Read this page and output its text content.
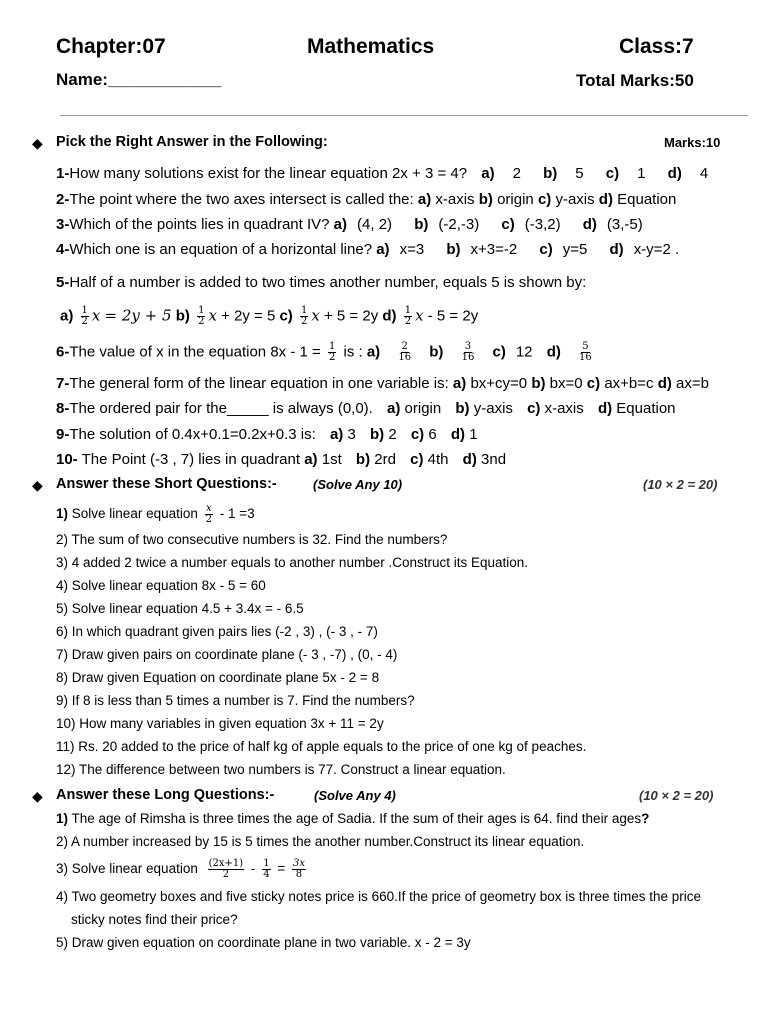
Chapter:07	Mathematics	Class:7
Name:____________	Total Marks:50
◆ Pick the Right Answer in the Following:	Marks:10
1-How many solutions exist for the linear equation 2x + 3 = 4? a) 2 b) 5 c) 1 d) 4
2-The point where the two axes intersect is called the: a) x-axis b) origin c) y-axis d) Equation
3-Which of the points lies in quadrant IV? a) (4, 2) b) (-2,-3) c) (-3,2) d) (3,-5)
4-Which one is an equation of a horizontal line? a) x=3 b) x+3=-2 c) y=5 d) x-y=2 .
5-Half of a number is added to two times another number, equals 5 is shown by:
$a) \frac{1}{2}$ x = 2y + 5 $b) \frac{1}{2}$ x + 2y = 5 $c) \frac{1}{2}$ x + 5 = 2y $d) \frac{1}{2}$ x - 5 = 2y
6-The value of x in the equation $8x - 1 = \frac{1}{2}$ is : $a) \frac{2}{16} b) \frac{3}{16} c$) 12 $d) \frac{5}{16}$
7-The general form of the linear equation in one variable is: a) bx+cy=0 b) bx=0 c) ax+b=c d) ax=b
8-The ordered pair for the_____ is always (0,0). a) origin b) y-axis c) x-axis d) Equation
9-The solution of 0.4x+0.1=0.2x+0.3 is: a) 3 b) 2 c) 6 d) 1
10- The Point (-3 , 7) lies in quadrant a) 1st b) 2rd c) 4th d) 3nd
◆ Answer these Short Questions:-	(Solve Any 10)	(10 × 2 = 20)
1) Solve linear equation $\frac{x}{2} - 1 =3$
2) The sum of two consecutive numbers is 32. Find the numbers?
3) 4 added 2 twice a number equals to another number .Construct its Equation.
4) Solve linear equation 8x - 5 = 60
5) Solve linear equation 4.5 + 3.4x = - 6.5
6) In which quadrant given pairs lies (-2 , 3) , (- 3 , - 7)
7) Draw given pairs on coordinate plane (- 3 , -7) , (0, - 4)
8) Draw given Equation on coordinate plane 5x - 2 = 8
9) If 8 is less than 5 times a number is 7. Find the numbers?
10) How many variables in given equation 3x + 11 = 2y
11) Rs. 20 added to the price of half kg of apple equals to the price of one kg of peaches.
12) The difference between two numbers is 77. Construct a linear equation.
◆ Answer these Long Questions:-	(Solve Any 4)	(10 × 2 = 20)
1) The age of Rimsha is three times the age of Sadia. If the sum of their ages is 64. find their ages?
2) A number increased by 15 is 5 times the another number.Construct its linear equation.
3) Solve linear equation $\frac{(2x+1)}{2} - \frac{1}{4} = \frac{3x}{8}$
4) Two geometry boxes and five sticky notes price is 660.If the price of geometry box is three times the price
sticky notes find their price?
5) Draw given equation on coordinate plane in two variable. x - 2 = 3y
